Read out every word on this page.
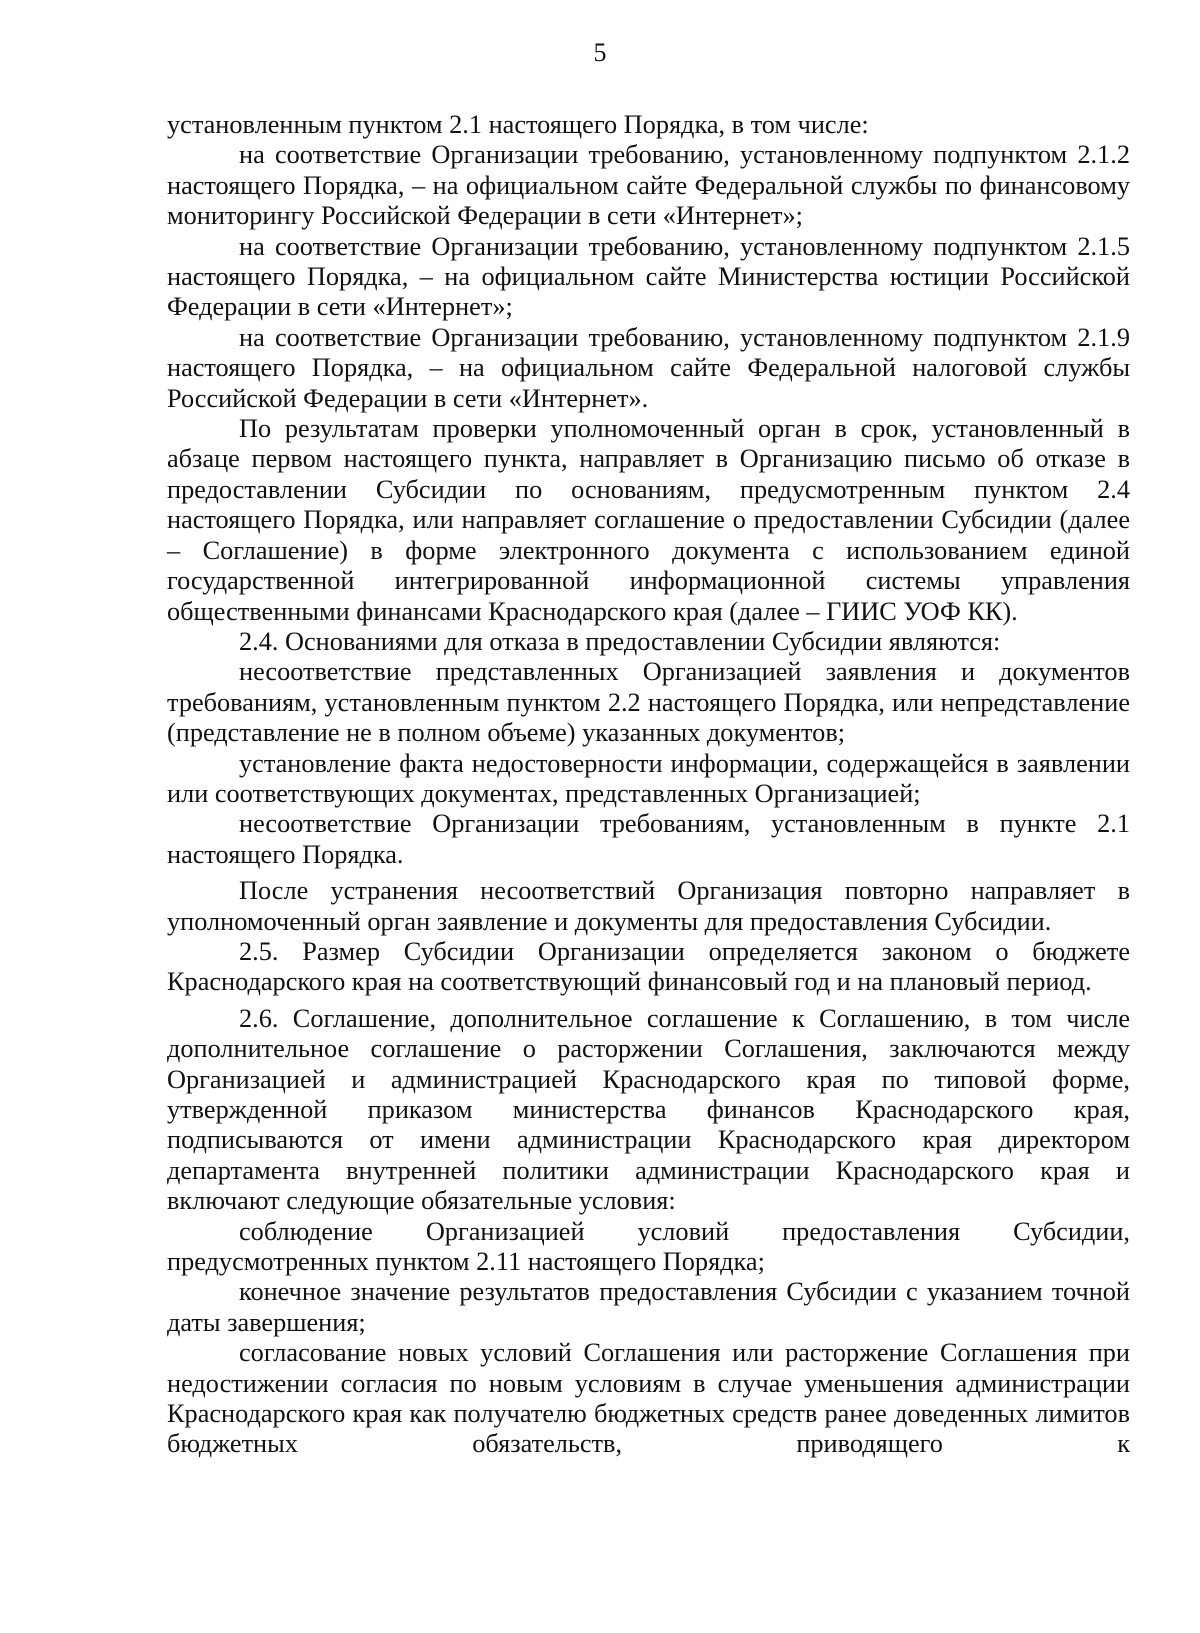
5

установленным пунктом 2.1 настоящего Порядка, в том числе:

на соответствие Организации требованию, установленному подпунктом 2.1.2 настоящего Порядка, – на официальном сайте Федеральной службы по финансовому мониторингу Российской Федерации в сети «Интернет»;

на соответствие Организации требованию, установленному подпунктом 2.1.5 настоящего Порядка, – на официальном сайте Министерства юстиции Российской Федерации в сети «Интернет»;

на соответствие Организации требованию, установленному подпунктом 2.1.9 настоящего Порядка, – на официальном сайте Федеральной налоговой службы Российской Федерации в сети «Интернет».

По результатам проверки уполномоченный орган в срок, установленный в абзаце первом настоящего пункта, направляет в Организацию письмо об отказе в предоставлении Субсидии по основаниям, предусмотренным пунктом 2.4 настоящего Порядка, или направляет соглашение о предоставлении Субсидии (далее – Соглашение) в форме электронного документа с использованием единой государственной интегрированной информационной системы управления общественными финансами Краснодарского края (далее – ГИИС УОФ КК).

2.4. Основаниями для отказа в предоставлении Субсидии являются:

несоответствие представленных Организацией заявления и документов требованиям, установленным пунктом 2.2 настоящего Порядка, или непредставление (представление не в полном объеме) указанных документов;

установление факта недостоверности информации, содержащейся в заявлении или соответствующих документах, представленных Организацией;

несоответствие Организации требованиям, установленным в пункте 2.1 настоящего Порядка.

После устранения несоответствий Организация повторно направляет в уполномоченный орган заявление и документы для предоставления Субсидии.

2.5. Размер Субсидии Организации определяется законом о бюджете Краснодарского края на соответствующий финансовый год и на плановый период.

2.6. Соглашение, дополнительное соглашение к Соглашению, в том числе дополнительное соглашение о расторжении Соглашения, заключаются между Организацией и администрацией Краснодарского края по типовой форме, утвержденной приказом министерства финансов Краснодарского края, подписываются от имени администрации Краснодарского края директором департамента внутренней политики администрации Краснодарского края и включают следующие обязательные условия:

соблюдение Организацией условий предоставления Субсидии, предусмотренных пунктом 2.11 настоящего Порядка;

конечное значение результатов предоставления Субсидии с указанием точной даты завершения;

согласование новых условий Соглашения или расторжение Соглашения при недостижении согласия по новым условиям в случае уменьшения администрации Краснодарского края как получателю бюджетных средств ранее доведенных лимитов бюджетных обязательств, приводящего к
